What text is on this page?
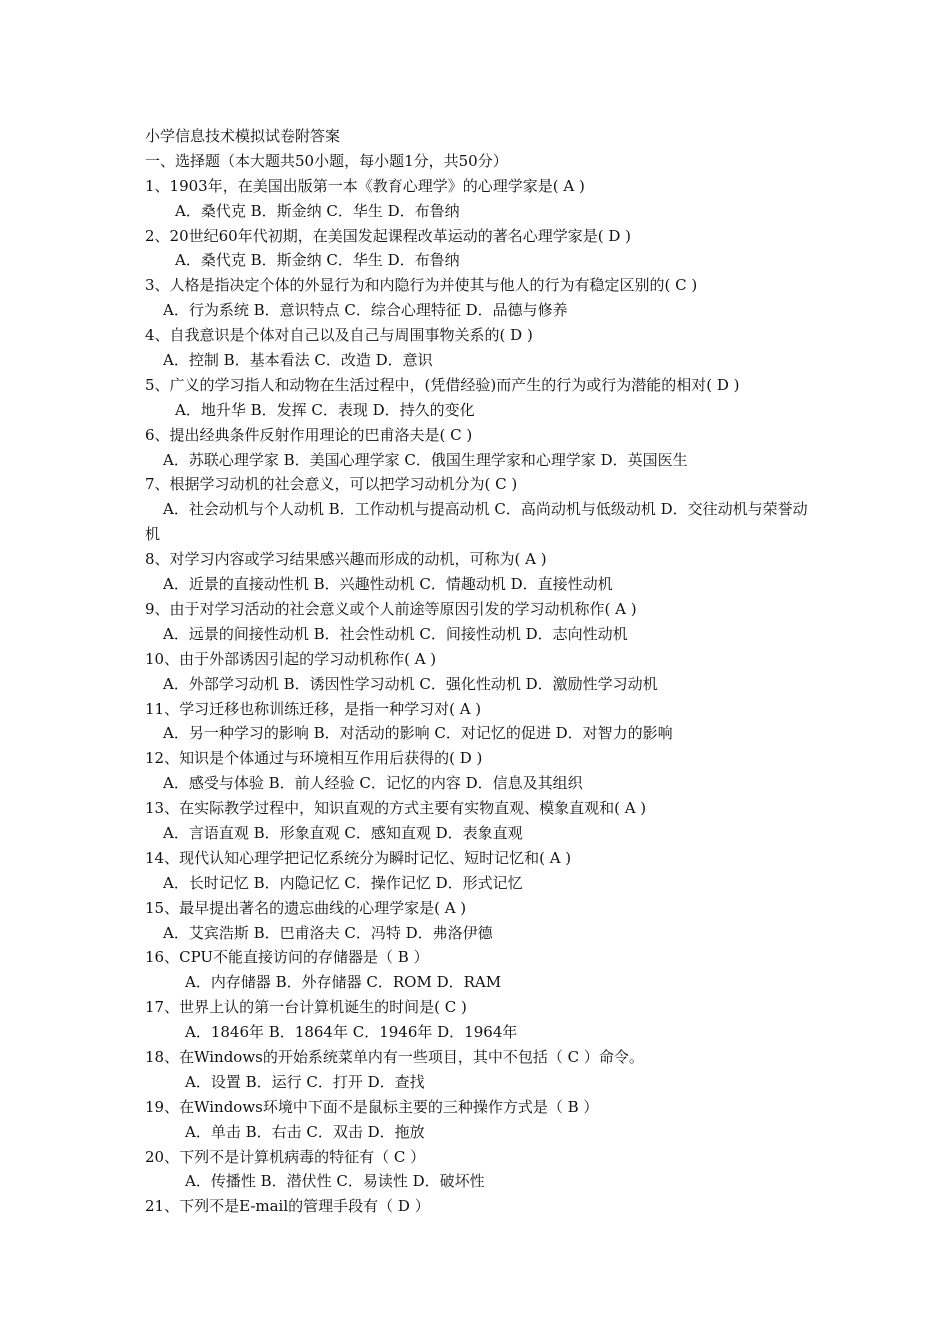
小学信息技术模拟试卷附答案
一、选择题（本大题共50小题，每小题1分，共50分）
1、1903年，在美国出版第一本《教育心理学》的心理学家是( A )
A．桑代克 B．斯金纳 C．华生 D．布鲁纳
2、20世纪60年代初期，在美国发起课程改革运动的著名心理学家是( D )
A．桑代克 B．斯金纳 C．华生 D．布鲁纳
3、人格是指决定个体的外显行为和内隐行为并使其与他人的行为有稳定区别的( C )
A．行为系统 B．意识特点 C．综合心理特征 D．品德与修养
4、自我意识是个体对自己以及自己与周围事物关系的( D )
A．控制 B．基本看法 C．改造 D．意识
5、广义的学习指人和动物在生活过程中，(凭借经验)而产生的行为或行为潜能的相对( D )
A．地升华 B．发挥 C．表现 D．持久的变化
6、提出经典条件反射作用理论的巴甫洛夫是( C )
A．苏联心理学家 B．美国心理学家 C．俄国生理学家和心理学家 D．英国医生
7、根据学习动机的社会意义，可以把学习动机分为( C )
A．社会动机与个人动机 B．工作动机与提高动机 C．高尚动机与低级动机 D．交往动机与荣誉动机
8、对学习内容或学习结果感兴趣而形成的动机，可称为( A )
A．近景的直接动性机 B．兴趣性动机 C．情趣动机 D．直接性动机
9、由于对学习活动的社会意义或个人前途等原因引发的学习动机称作( A )
A．远景的间接性动机 B．社会性动机 C．间接性动机 D．志向性动机
10、由于外部诱因引起的学习动机称作( A )
A．外部学习动机 B．诱因性学习动机 C．强化性动机 D．激励性学习动机
11、学习迁移也称训练迁移，是指一种学习对( A )
A．另一种学习的影响 B．对活动的影响 C．对记忆的促进 D．对智力的影响
12、知识是个体通过与环境相互作用后获得的( D )
A．感受与体验 B．前人经验 C．记忆的内容 D．信息及其组织
13、在实际教学过程中，知识直观的方式主要有实物直观、模象直观和( A )
A．言语直观 B．形象直观 C．感知直观 D．表象直观
14、现代认知心理学把记忆系统分为瞬时记忆、短时记忆和( A )
A．长时记忆 B．内隐记忆 C．操作记忆 D．形式记忆
15、最早提出著名的遗忘曲线的心理学家是( A )
A．艾宾浩斯 B．巴甫洛夫 C．冯特 D．弗洛伊德
16、CPU不能直接访问的存储器是（ B ）
A．内存储器 B．外存储器 C．ROM D．RAM
17、世界上认的第一台计算机诞生的时间是( C )
A．1846年 B．1864年 C．1946年 D．1964年
18、在Windows的开始系统菜单内有一些项目，其中不包括（ C ）命令。
A．设置 B．运行 C．打开 D．查找
19、在Windows环境中下面不是鼠标主要的三种操作方式是（ B ）
A．单击 B．右击 C．双击 D．拖放
20、下列不是计算机病毒的特征有（ C ）
A．传播性 B．潜伏性 C．易读性 D．破坏性
21、下列不是E-mail的管理手段有（ D ）
